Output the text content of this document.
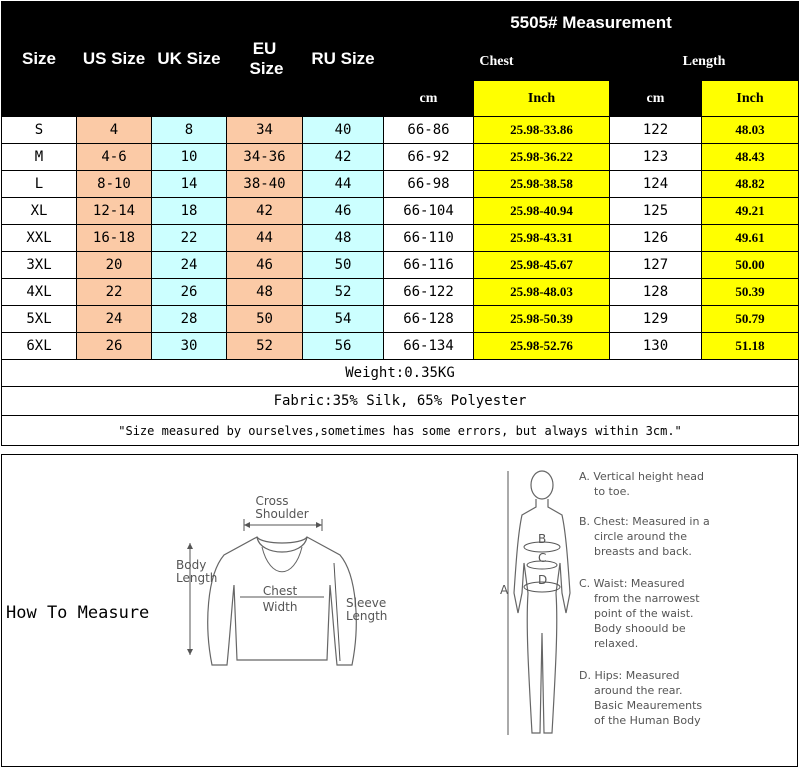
Size	US Size	UK Size	EU Size	RU Size	5505# Measurement			
					Chest		Length	
					cm	Inch	cm	Inch
S	4	8	34	40	66-86	25.98-33.86	122	48.03
M	4-6	10	34-36	42	66-92	25.98-36.22	123	48.43
L	8-10	14	38-40	44	66-98	25.98-38.58	124	48.82
XL	12-14	18	42	46	66-104	25.98-40.94	125	49.21
XXL	16-18	22	44	48	66-110	25.98-43.31	126	49.61
3XL	20	24	46	50	66-116	25.98-45.67	127	50.00
4XL	22	26	48	52	66-122	25.98-48.03	128	50.39
5XL	24	28	50	54	66-128	25.98-50.39	129	50.79
6XL	26	30	52	56	66-134	25.98-52.76	130	51.18
Weight:0.35KG								
Fabric:35% Silk, 65% Polyester								
"Size measured by ourselves,sometimes has some errors, but always within 3cm."								
How To Measure
Cross
Shoulder
Body
Length
Chest
Width	Sleeve
Length
A
B
C
D
A. Vertical height head
to toe.
B. Chest: Measured in a
circle around the
breasts and back.
C. Waist: Measured
from the narrowest
point of the waist.
Body shoould be
relaxed.
D. Hips: Measured
around the rear.
Basic Meaurements
of the Human Body
